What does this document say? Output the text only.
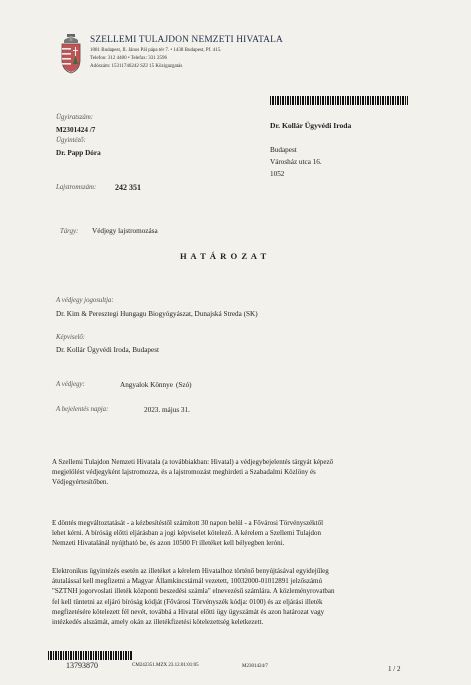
SZELLEMI TULAJDON NEMZETI HIVATALA
1081 Budapest, II. János Pál pápa tér 7. • 1438 Budapest, Pf. 415.
Telefon: 312 4400 • Telefax: 331 2596
Adószám: 15311746242 SZJ 15 Közigazgatás
Ügyiratszám:
M2301424 /7
Ügyintéző:
Dr. Papp Dóra
Lajstromszám: 242 351
Dr. Kollár Ügyvédi Iroda
Budapest
Városház utca 16.
1052
Tárgy: Védjegy lajstromozása
H A T Á R O Z A T
A védjegy jogosultja:
Dr. Kim & Peresztegi Hungagu Biogyógyászat, Dunajská Streda (SK)
Képviselő:
Dr. Kollár Ügyvédi Iroda, Budapest
A védjegy:	Angyalok Könnye (Szó)
A bejelentés napja:	2023. május 31.
A Szellemi Tulajdon Nemzeti Hivatala (a továbbiakban: Hivatal) a védjegybejelentés tárgyát képező
megjelölést védjegyként lajstromozza, és a lajstromozást meghirdeti a Szabadalmi Közlöny és
Védjegyértesítőben.
E döntés megváltoztatását - a kézbesítéstől számított 30 napon belül - a Fővárosi Törvényszéktől
lehet kérni. A bíróság előtti eljárásban a jogi képviselet kötelező. A kérelem a Szellemi Tulajdon
Nemzeti Hivatalánál nyújtható be, és azon 10500 Ft illetéket kell bélyegben leróni.
Elektronikus ügyintézés esetén az illetéket a kérelem Hivatalhoz történő benyújtásával egyidejűleg
átutalással kell megfizetni a Magyar Államkincstárnál vezetett, 10032000-01012891 jelzőszámú
"SZTNH jogorvoslati illeték központi beszedési számla" elnevezésű számlára. A közleményrovatban
fel kell tüntetni az eljáró bíróság kódját (Fővárosi Törvényszék kódja: 0100) és az eljárási illeték
megfizetésére kötelezett fél nevét, továbbá a Hivatal előtti ügy ügyszámát és azon határozat vagy
intézkedés alszámát, amely okán az illetékfizetési kötelezettség keletkezett.
13793870	CM242351.MZX 23.12.01:01:05	M2301424/7	1 / 2
